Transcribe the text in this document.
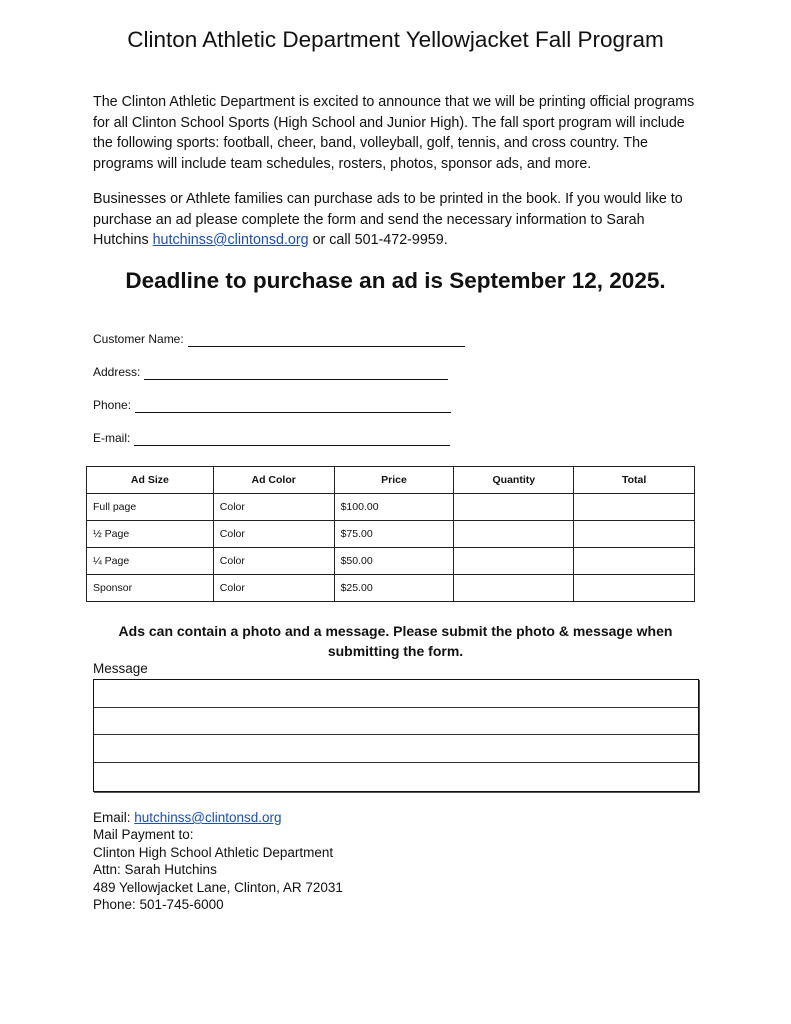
Clinton Athletic Department Yellowjacket Fall Program
The Clinton Athletic Department is excited to announce that we will be printing official programs for all Clinton School Sports (High School and Junior High). The fall sport program will include the following sports: football, cheer, band, volleyball, golf, tennis, and cross country. The programs will include team schedules, rosters, photos, sponsor ads, and more.
Businesses or Athlete families can purchase ads to be printed in the book. If you would like to purchase an ad please complete the form and send the necessary information to Sarah Hutchins hutchinss@clintonsd.org or call 501-472-9959.
Deadline to purchase an ad is September 12, 2025.
Customer Name:
Address:
Phone:
E-mail:
Ad Size	Ad Color	Price	Quantity	Total
Full page	Color	$100.00		
½ Page	Color	$75.00		
¼ Page	Color	$50.00		
Sponsor	Color	$25.00		
Ads can contain a photo and a message. Please submit the photo & message when submitting the form.
Message
Email: hutchinss@clintonsd.org
Mail Payment to:
Clinton High School Athletic Department
Attn: Sarah Hutchins
489 Yellowjacket Lane, Clinton, AR 72031
Phone: 501-745-6000
